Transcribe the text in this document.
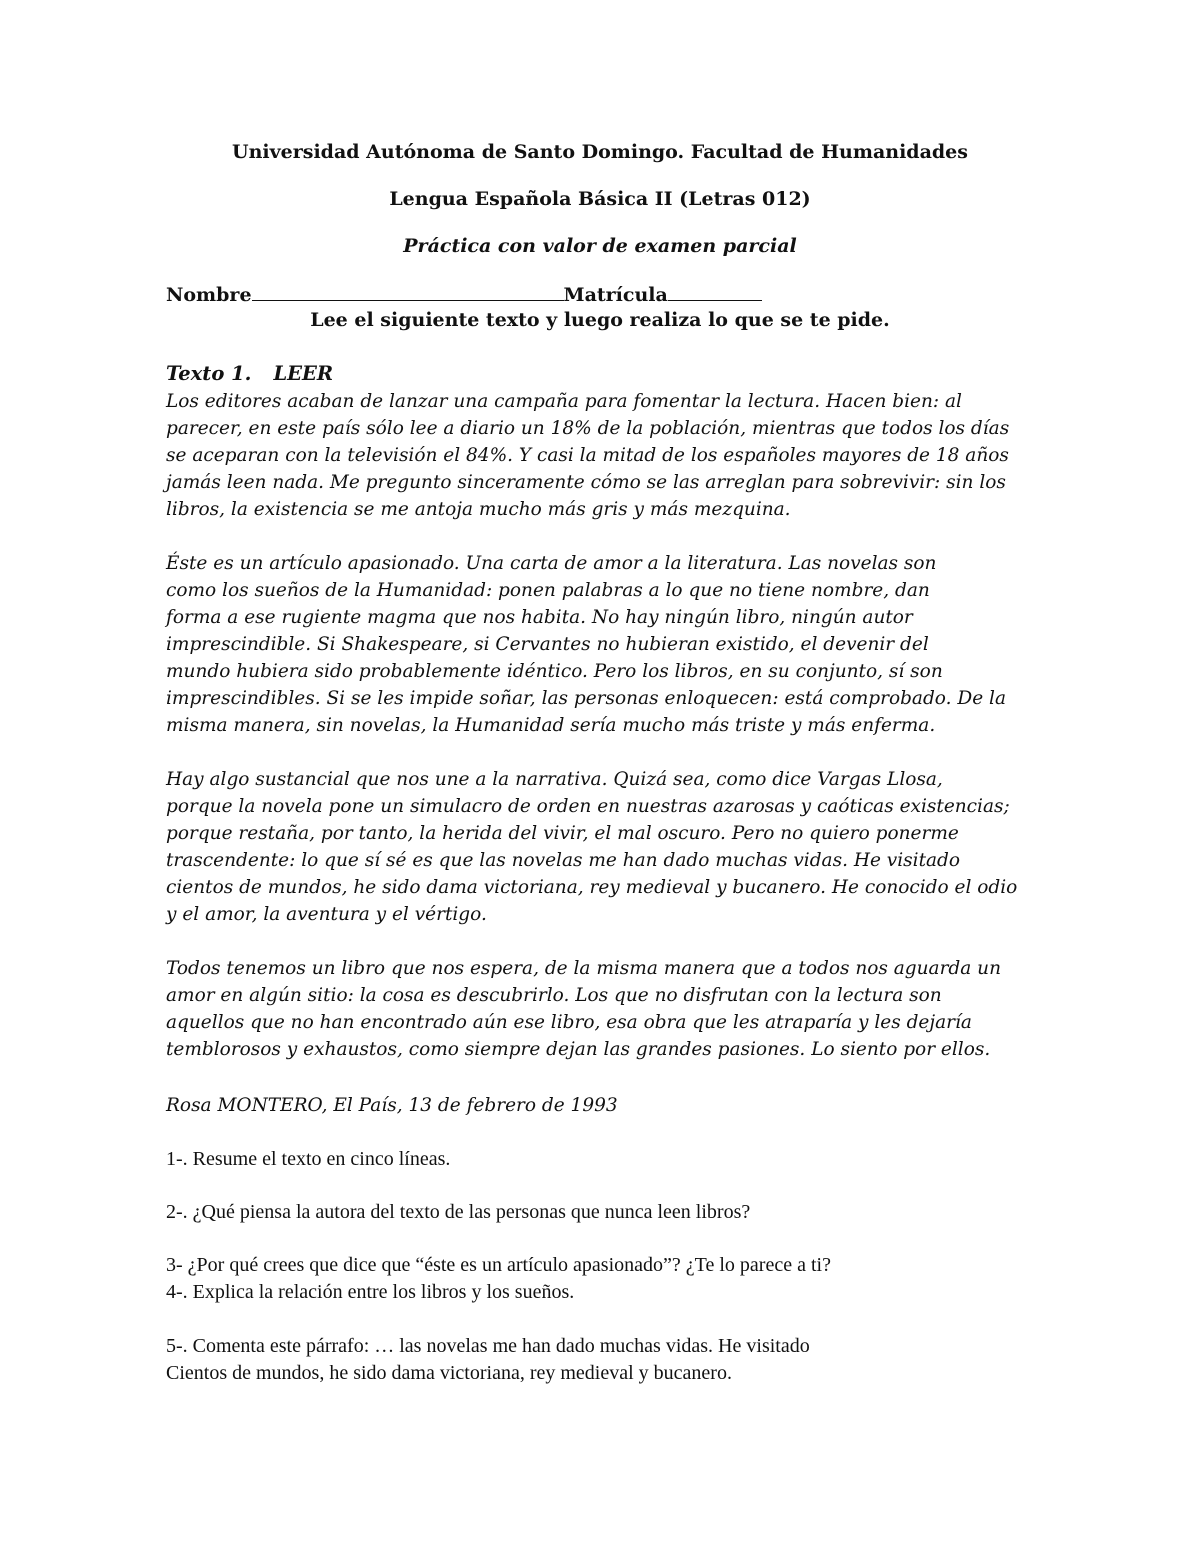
Universidad Autónoma de Santo Domingo. Facultad de Humanidades
Lengua Española Básica II (Letras 012)
Práctica con valor de examen parcial
Nombre	Matrícula
Lee el siguiente texto y luego realiza lo que se te pide.
Texto 1. LEER
Los editores acaban de lanzar una campaña para fomentar la lectura. Hacen bien: al
parecer, en este país sólo lee a diario un 18% de la población, mientras que todos los días
se aceparan con la televisión el 84%. Y casi la mitad de los españoles mayores de 18 años
jamás leen nada. Me pregunto sinceramente cómo se las arreglan para sobrevivir: sin los
libros, la existencia se me antoja mucho más gris y más mezquina.
Éste es un artículo apasionado. Una carta de amor a la literatura. Las novelas son
como los sueños de la Humanidad: ponen palabras a lo que no tiene nombre, dan
forma a ese rugiente magma que nos habita. No hay ningún libro, ningún autor
imprescindible. Si Shakespeare, si Cervantes no hubieran existido, el devenir del
mundo hubiera sido probablemente idéntico. Pero los libros, en su conjunto, sí son
imprescindibles. Si se les impide soñar, las personas enloquecen: está comprobado. De la
misma manera, sin novelas, la Humanidad sería mucho más triste y más enferma.
Hay algo sustancial que nos une a la narrativa. Quizá sea, como dice Vargas Llosa,
porque la novela pone un simulacro de orden en nuestras azarosas y caóticas existencias;
porque restaña, por tanto, la herida del vivir, el mal oscuro. Pero no quiero ponerme
trascendente: lo que sí sé es que las novelas me han dado muchas vidas. He visitado
cientos de mundos, he sido dama victoriana, rey medieval y bucanero. He conocido el odio
y el amor, la aventura y el vértigo.
Todos tenemos un libro que nos espera, de la misma manera que a todos nos aguarda un
amor en algún sitio: la cosa es descubrirlo. Los que no disfrutan con la lectura son
aquellos que no han encontrado aún ese libro, esa obra que les atraparía y les dejaría
temblorosos y exhaustos, como siempre dejan las grandes pasiones. Lo siento por ellos.
Rosa MONTERO, El País, 13 de febrero de 1993
1-. Resume el texto en cinco líneas.
2-. ¿Qué piensa la autora del texto de las personas que nunca leen libros?
3- ¿Por qué crees que dice que “éste es un artículo apasionado”? ¿Te lo parece a ti?
4-. Explica la relación entre los libros y los sueños.
5-. Comenta este párrafo: … las novelas me han dado muchas vidas. He visitado
Cientos de mundos, he sido dama victoriana, rey medieval y bucanero.
